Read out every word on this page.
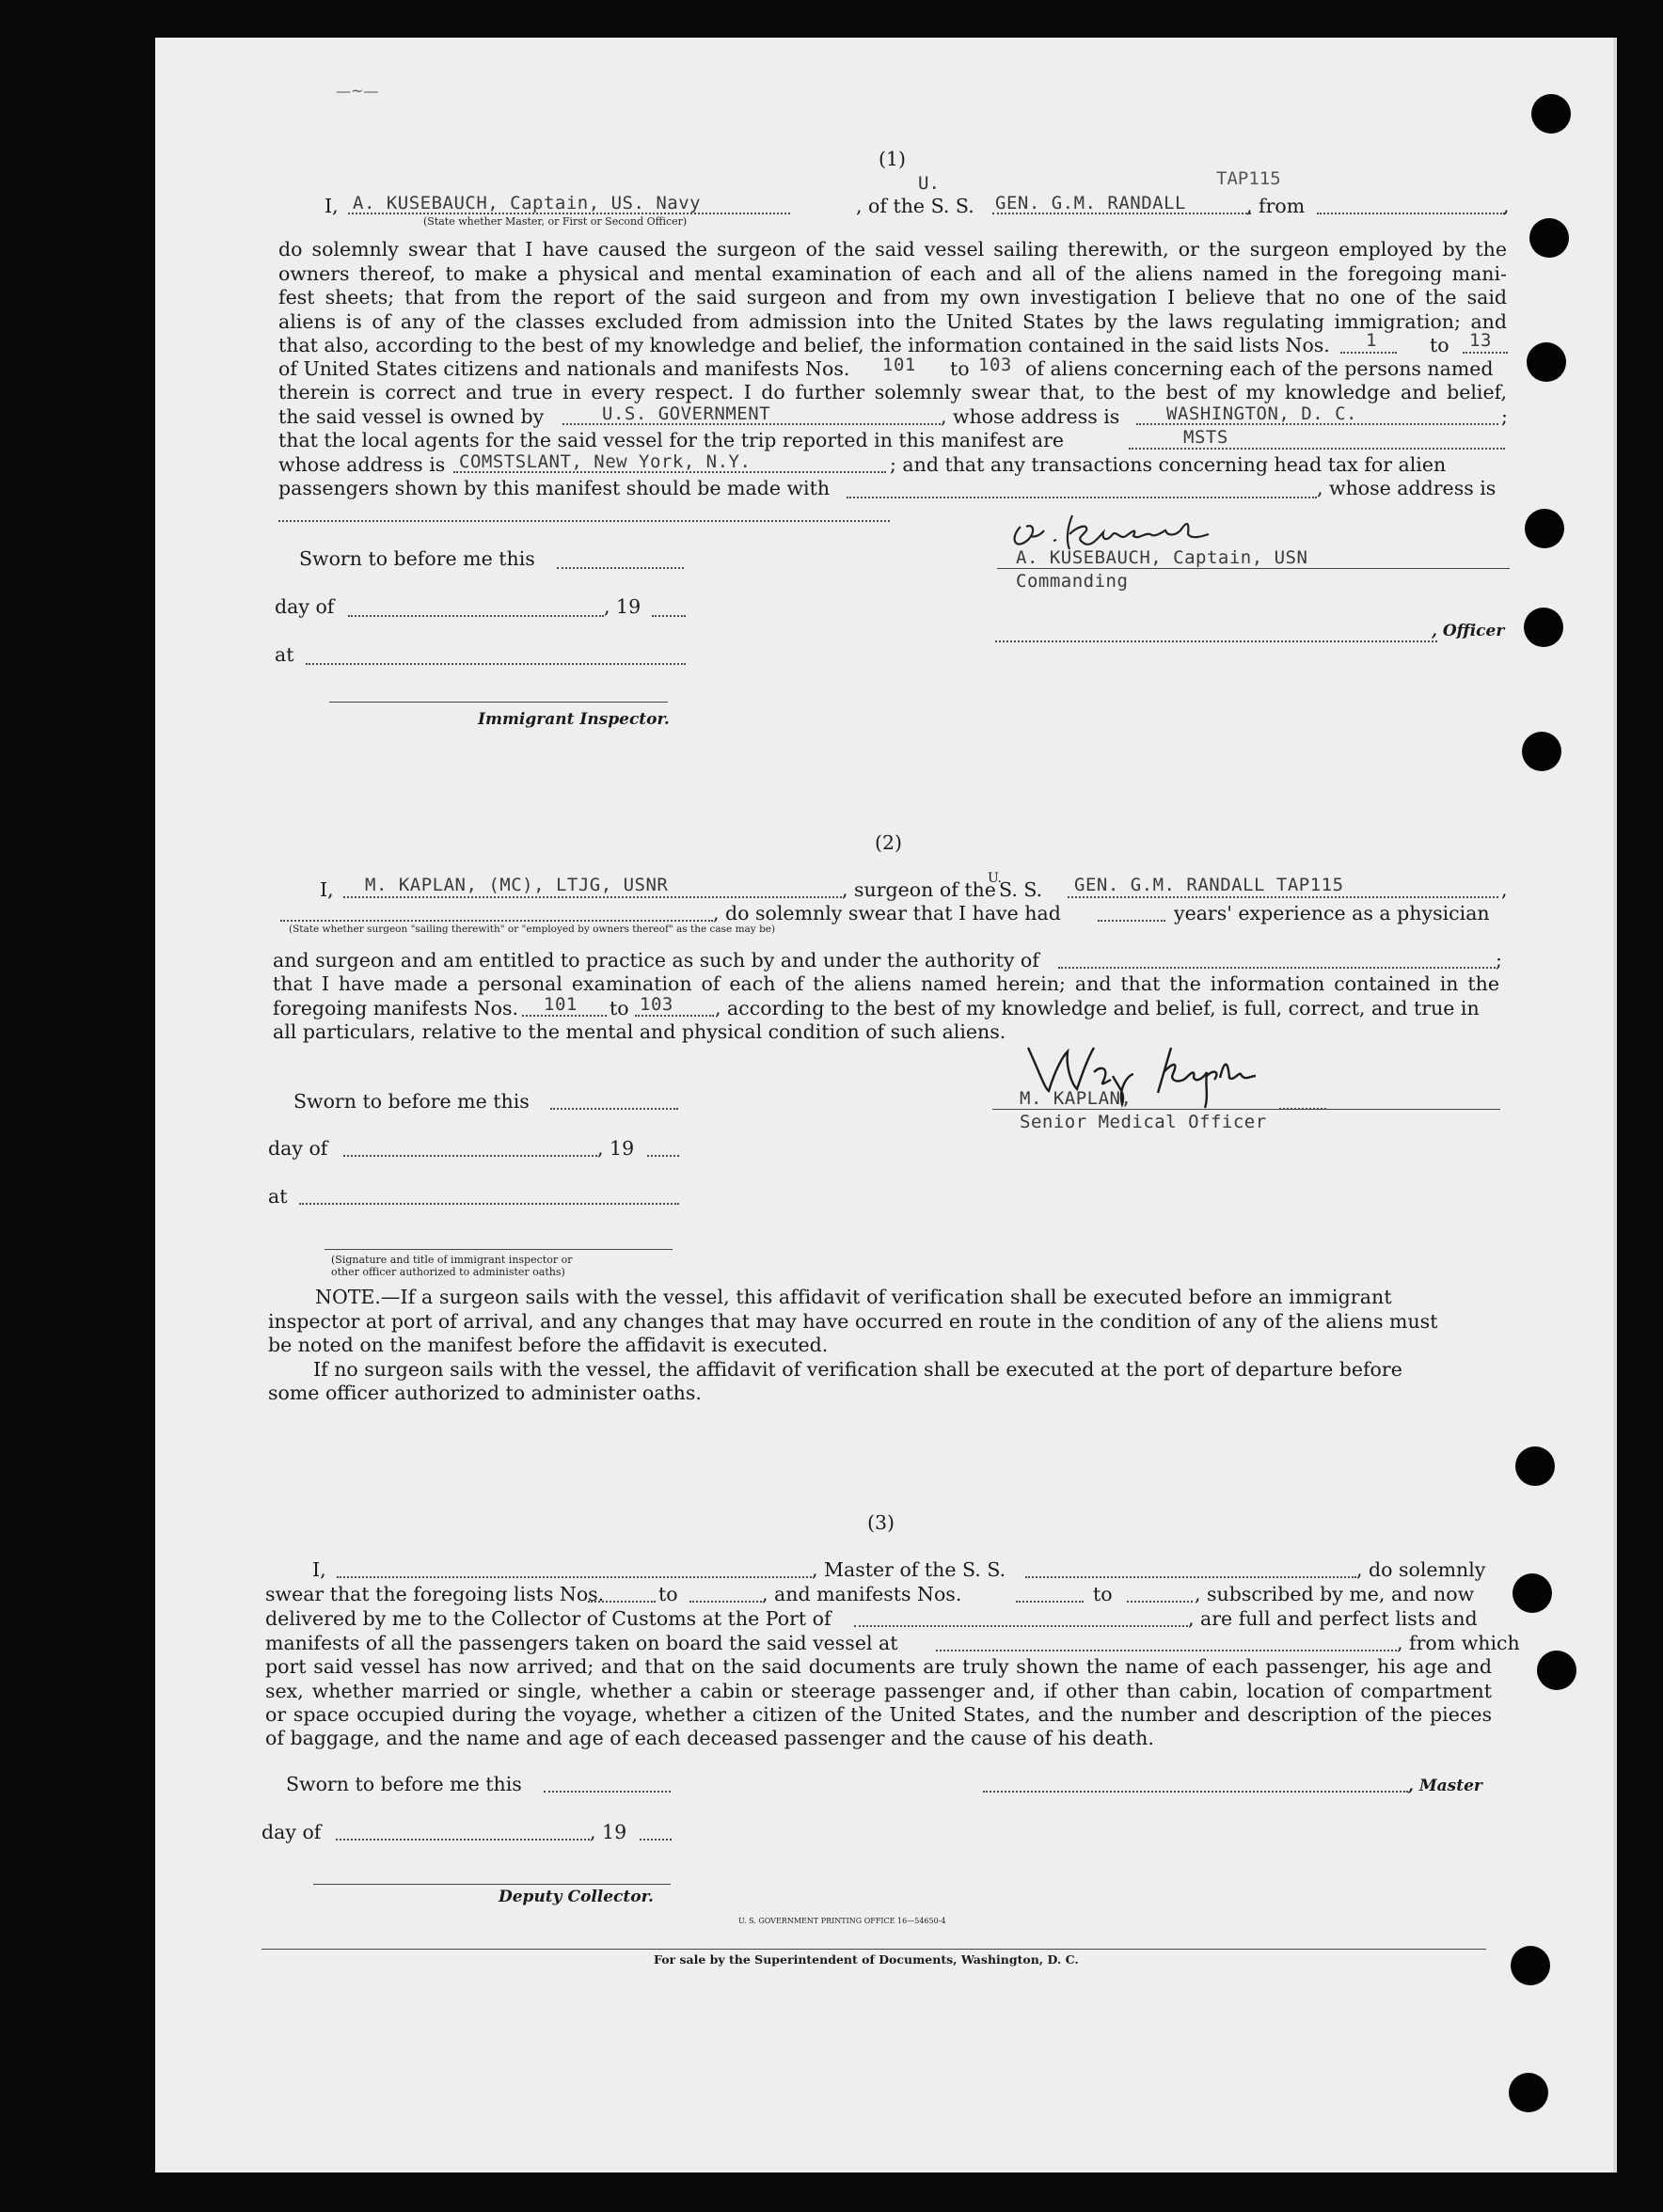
—~—
(1)
U.	TAP115
I, A. KUSEBAUCH, Captain, US. Navy
(State whether Master, or First or Second Officer)
, of the S. S. GEN. G.M. RANDALL	, from	,
do solemnly swear that I have caused the surgeon of the said vessel sailing therewith, or the surgeon employed by the
owners thereof, to make a physical and mental examination of each and all of the aliens named in the foregoing mani-
fest sheets; that from the report of the said surgeon and from my own investigation I believe that no one of the said
aliens is of any of the classes excluded from admission into the United States by the laws regulating immigration; and
that also, according to the best of my knowledge and belief, the information contained in the said lists Nos. 1	to 13
of United States citizens and nationals and manifests Nos. 101 to 103 of aliens concerning each of the persons named
therein is correct and true in every respect. I do further solemnly swear that, to the best of my knowledge and belief,
the said vessel is owned by	U.S. GOVERNMENT	, whose address is	WASHINGTON, D. C.	;
that the local agents for the said vessel for the trip reported in this manifest are	MSTS
whose address is COMSTSLANT, New York, N.Y.	; and that any transactions concerning head tax for alien
passengers shown by this manifest should be made with	, whose address is
A. KUSEBAUCH, Captain, USN
Commanding
, Officer
Sworn to before me this
day of	, 19
at
Immigrant Inspector.
(2)
I, M. KAPLAN, (MC), LTJG, USNR	, surgeon of the
U.
S. S. GEN. G.M. RANDALL TAP115	,
, do solemnly swear that I have had	years' experience as a physician
(State whether surgeon "sailing therewith" or "employed by owners thereof" as the case may be)
and surgeon and am entitled to practice as such by and under the authority of	;
that I have made a personal examination of each of the aliens named herein; and that the information contained in the
foregoing manifests Nos. 101 to 103 , according to the best of my knowledge and belief, is full, correct, and true in
all particulars, relative to the mental and physical condition of such aliens.
M. KAPLAN,
Senior Medical Officer
Sworn to before me this
day of	, 19
at
(Signature and title of immigrant inspector or
other officer authorized to administer oaths)
NOTE.—If a surgeon sails with the vessel, this affidavit of verification shall be executed before an immigrant
inspector at port of arrival, and any changes that may have occurred en route in the condition of any of the aliens must
be noted on the manifest before the affidavit is executed.
If no surgeon sails with the vessel, the affidavit of verification shall be executed at the port of departure before
some officer authorized to administer oaths.
(3)
I,	, Master of the S. S.	, do solemnly
swear that the foregoing lists Nos.	to	, and manifests Nos.	to	, subscribed by me, and now
delivered by me to the Collector of Customs at the Port of	, are full and perfect lists and
manifests of all the passengers taken on board the said vessel at	, from which
port said vessel has now arrived; and that on the said documents are truly shown the name of each passenger, his age and
sex, whether married or single, whether a cabin or steerage passenger and, if other than cabin, location of compartment
or space occupied during the voyage, whether a citizen of the United States, and the number and description of the pieces
of baggage, and the name and age of each deceased passenger and the cause of his death.
Sworn to before me this	, Master
day of	, 19
Deputy Collector.
U. S. GOVERNMENT PRINTING OFFICE 16—54650-4
For sale by the Superintendent of Documents, Washington, D. C.
